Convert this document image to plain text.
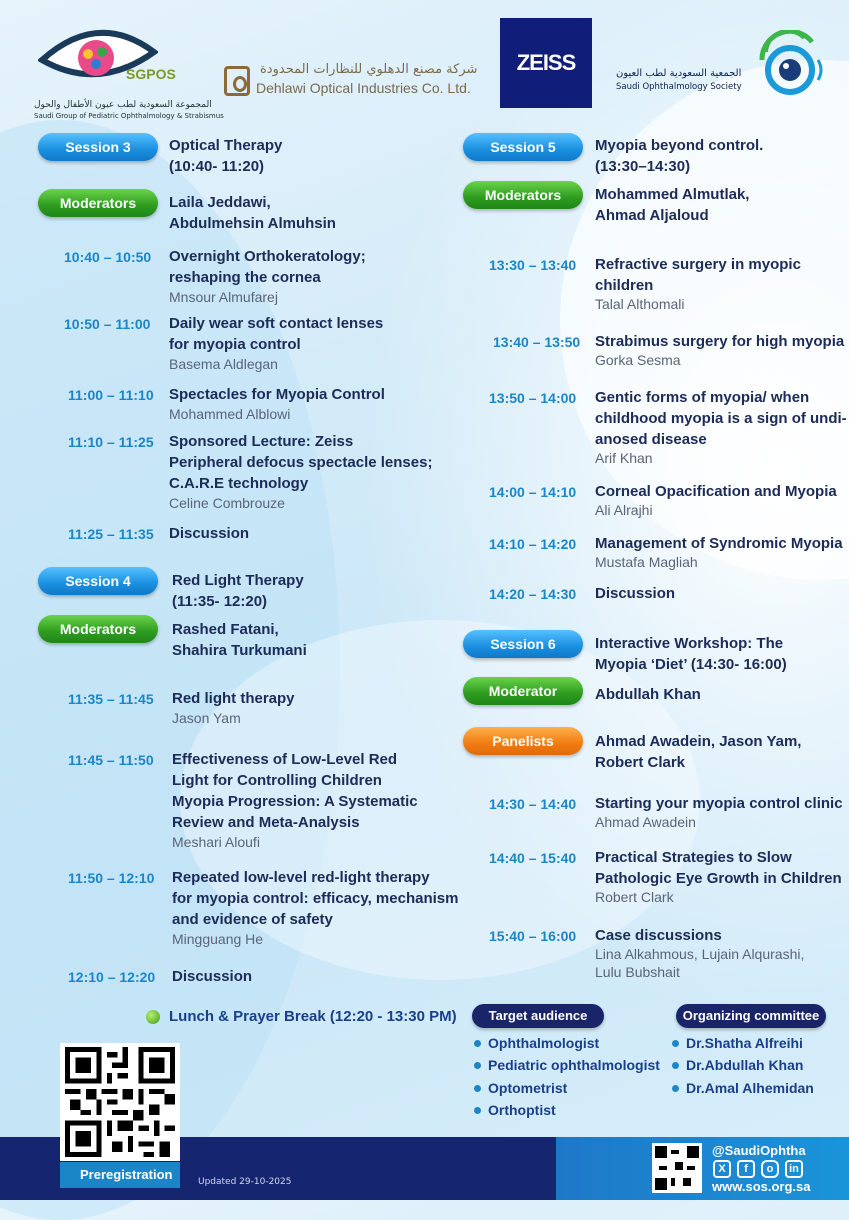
SGPOS
المجموعة السعودية لطب عيون الأطفال والحول
Saudi Group of Pediatric Ophthalmology & Strabismus
شركة مصنع الدهلوي للنظارات المحدودة
Dehlawi Optical Industries Co. Ltd.
ZEISS	الجمعية السعودية لطب العيون
Saudi Ophthalmology Society
Session 3	Optical Therapy
(10:40- 11:20)
Moderators	Laila Jeddawi,
Abdulmehsin Almuhsin
10:40 – 10:50 Overnight Orthokeratology;
reshaping the cornea
Mnsour Almufarej
10:50 – 11:00 Daily wear soft contact lenses
for myopia control
Basema Aldlegan
11:00 – 11:10 Spectacles for Myopia Control
Mohammed Alblowi
11:10 – 11:25 Sponsored Lecture: Zeiss
Peripheral defocus spectacle lenses;
C.A.R.E technology
Celine Combrouze
11:25 – 11:35 Discussion
Session 4	Red Light Therapy
(11:35- 12:20)
Moderators	Rashed Fatani,
Shahira Turkumani
11:35 – 11:45 Red light therapy
Jason Yam
11:45 – 11:50 Effectiveness of Low-Level Red
Light for Controlling Children
Myopia Progression: A Systematic
Review and Meta-Analysis
Meshari Aloufi
11:50 – 12:10 Repeated low-level red-light therapy
for myopia control: efficacy, mechanism
and evidence of safety
Mingguang He
12:10 – 12:20 Discussion
Lunch & Prayer Break (12:20 - 13:30 PM)
Session 5	Myopia beyond control.
(13:30–14:30)
Moderators	Mohammed Almutlak,
Ahmad Aljaloud
13:30 – 13:40 Refractive surgery in myopic
children
Talal Althomali
13:40 – 13:50 Strabimus surgery for high myopia
Gorka Sesma
13:50 – 14:00 Gentic forms of myopia/ when
childhood myopia is a sign of undi-
anosed disease
Arif Khan
14:00 – 14:10 Corneal Opacification and Myopia
Ali Alrajhi
14:10 – 14:20 Management of Syndromic Myopia
Mustafa Magliah
14:20 – 14:30 Discussion
Session 6	Interactive Workshop: The
Myopia ‘Diet’ (14:30- 16:00)
Moderator	Abdullah Khan
Panelists	Ahmad Awadein, Jason Yam,
Robert Clark
14:30 – 14:40 Starting your myopia control clinic
Ahmad Awadein
14:40 – 15:40 Practical Strategies to Slow
Pathologic Eye Growth in Children
Robert Clark
15:40 – 16:00 Case discussions
Lina Alkahmous, Lujain Alqurashi,
Lulu Bubshait
Target audience
Ophthalmologist
Pediatric ophthalmologist
Optometrist
Orthoptist
Organizing committee
Dr.Shatha Alfreihi
Dr.Abdullah Khan
Dr.Amal Alhemidan
Preregistration	Updated 29-10-2025
@SaudiOphtha
X	f	o	in
www.sos.org.sa
